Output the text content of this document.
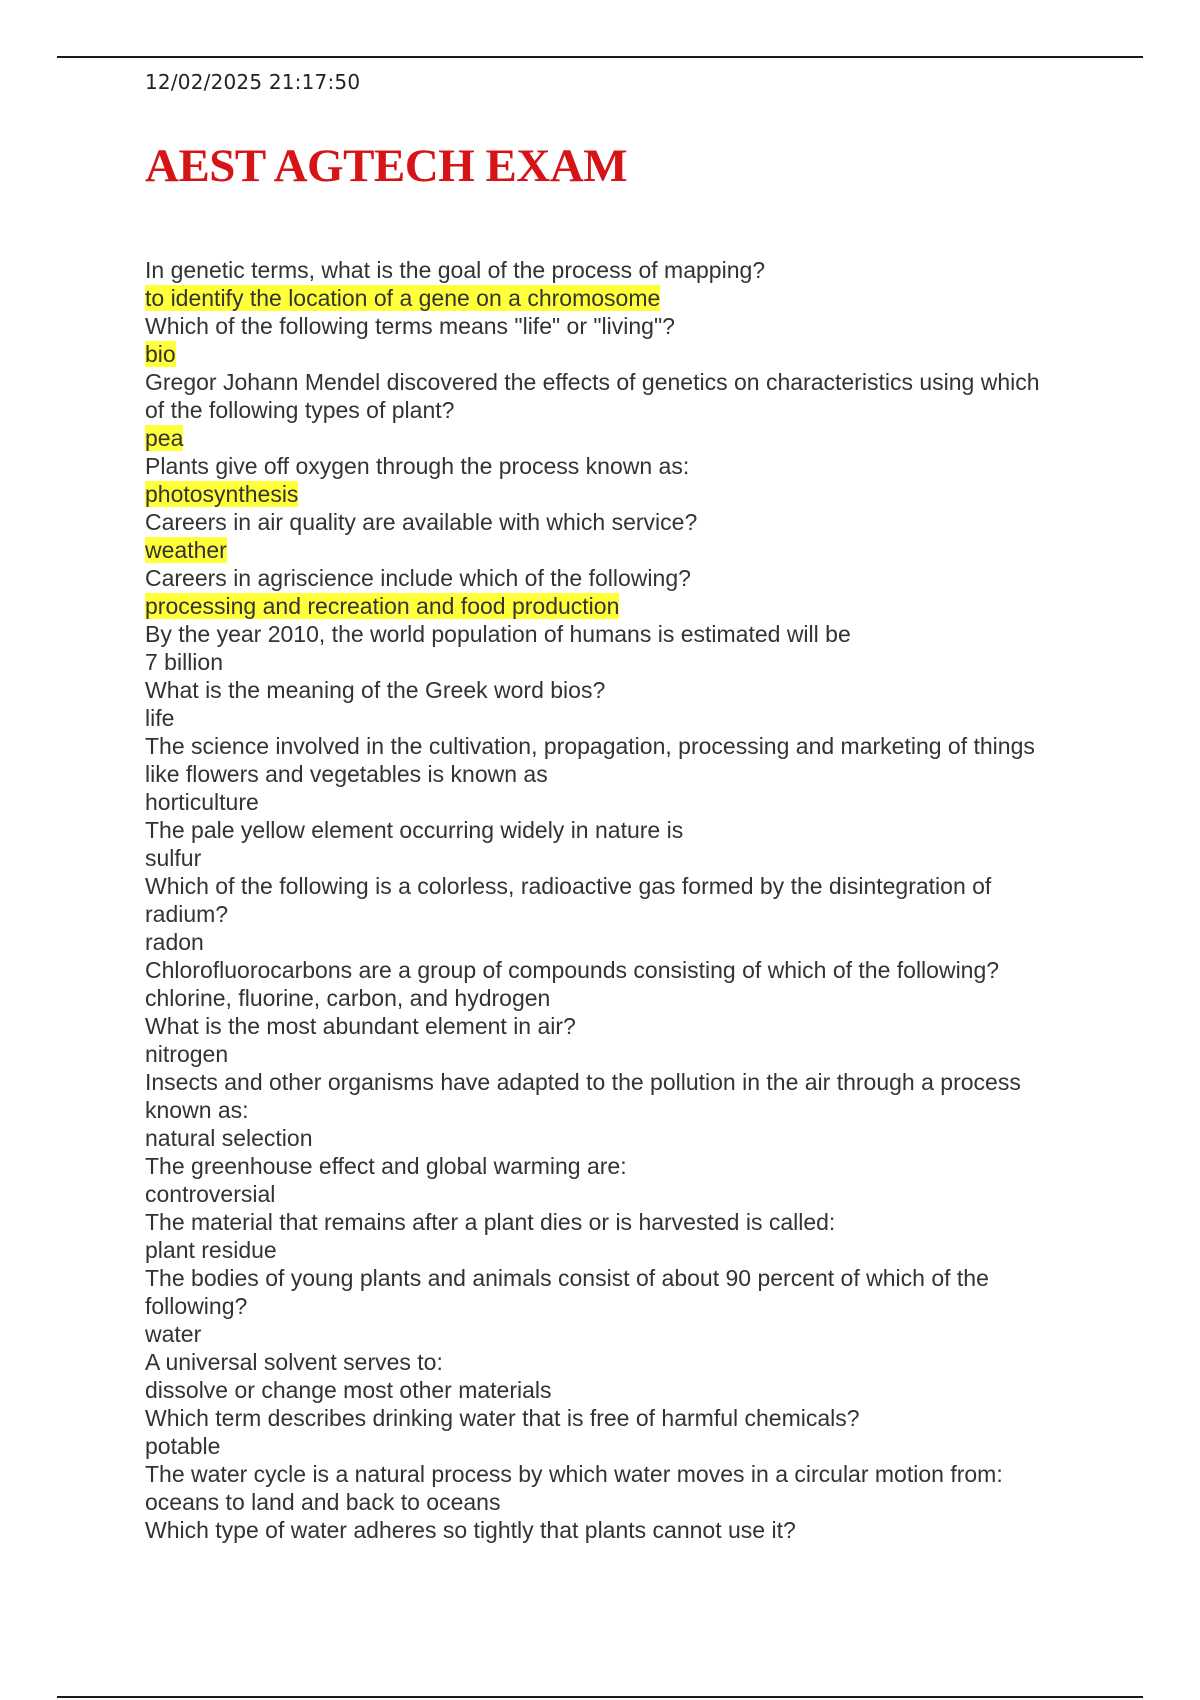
12/02/2025 21:17:50
AEST AGTECH EXAM
In genetic terms, what is the goal of the process of mapping?
to identify the location of a gene on a chromosome
Which of the following terms means "life" or "living"?
bio
Gregor Johann Mendel discovered the effects of genetics on characteristics using which of the following types of plant?
pea
Plants give off oxygen through the process known as:
photosynthesis
Careers in air quality are available with which service?
weather
Careers in agriscience include which of the following?
processing and recreation and food production
By the year 2010, the world population of humans is estimated will be
7 billion
What is the meaning of the Greek word bios?
life
The science involved in the cultivation, propagation, processing and marketing of things like flowers and vegetables is known as
horticulture
The pale yellow element occurring widely in nature is
sulfur
Which of the following is a colorless, radioactive gas formed by the disintegration of radium?
radon
Chlorofluorocarbons are a group of compounds consisting of which of the following?
chlorine, fluorine, carbon, and hydrogen
What is the most abundant element in air?
nitrogen
Insects and other organisms have adapted to the pollution in the air through a process known as:
natural selection
The greenhouse effect and global warming are:
controversial
The material that remains after a plant dies or is harvested is called:
plant residue
The bodies of young plants and animals consist of about 90 percent of which of the following?
water
A universal solvent serves to:
dissolve or change most other materials
Which term describes drinking water that is free of harmful chemicals?
potable
The water cycle is a natural process by which water moves in a circular motion from:
oceans to land and back to oceans
Which type of water adheres so tightly that plants cannot use it?
